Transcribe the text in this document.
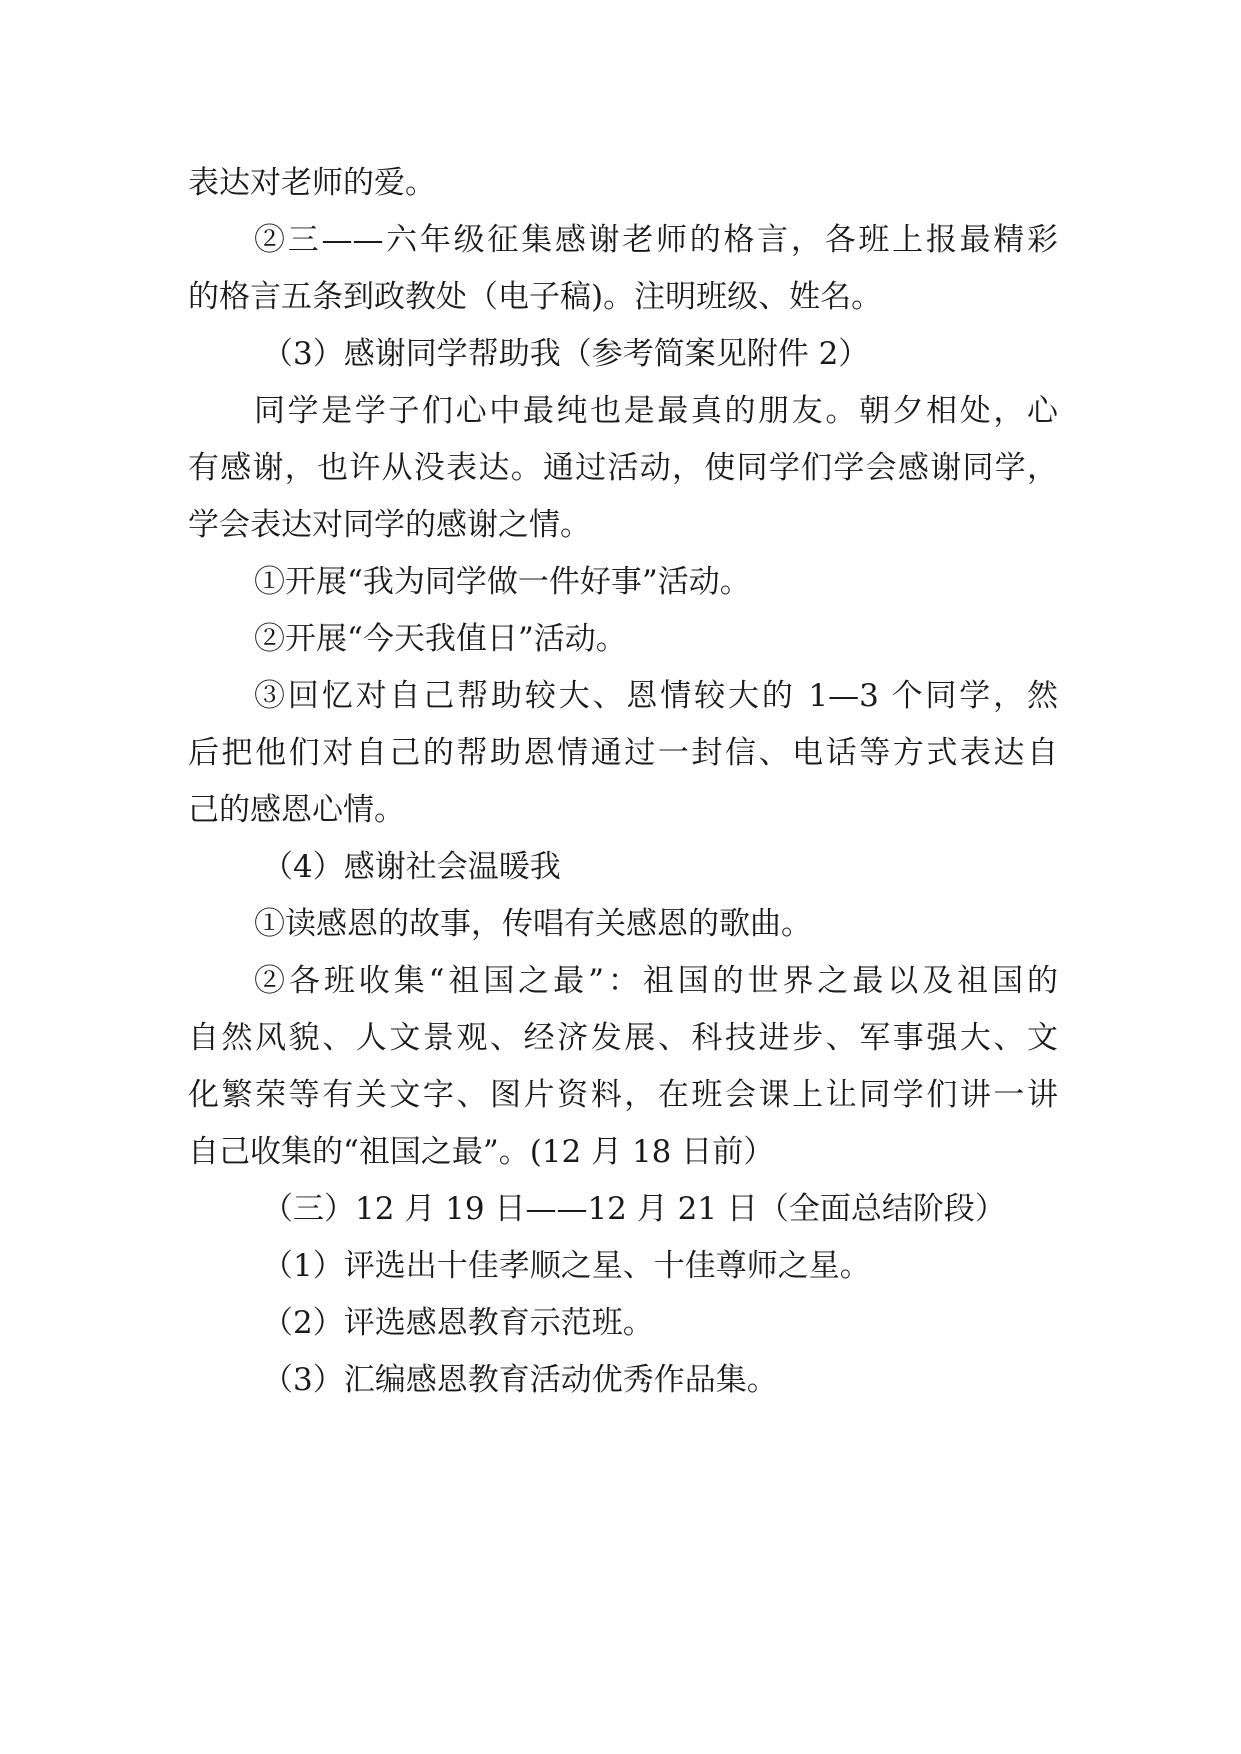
表达对老师的爱。
②三——六年级征集感谢老师的格言，各班上报最精彩
的格言五条到政教处（电子稿)。注明班级、姓名。
（3）感谢同学帮助我（参考简案见附件 2）
同学是学子们心中最纯也是最真的朋友。朝夕相处，心
有感谢，也许从没表达。通过活动，使同学们学会感谢同学，
学会表达对同学的感谢之情。
①开展“我为同学做一件好事”活动。
②开展“今天我值日”活动。
③回忆对自己帮助较大、恩情较大的 1—3 个同学，然
后把他们对自己的帮助恩情通过一封信、电话等方式表达自
己的感恩心情。
（4）感谢社会温暖我
①读感恩的故事，传唱有关感恩的歌曲。
②各班收集“祖国之最”：祖国的世界之最以及祖国的
自然风貌、人文景观、经济发展、科技进步、军事强大、文
化繁荣等有关文字、图片资料，在班会课上让同学们讲一讲
自己收集的“祖国之最”。(12 月 18 日前）
（三）12 月 19 日——12 月 21 日（全面总结阶段）
（1）评选出十佳孝顺之星、十佳尊师之星。
（2）评选感恩教育示范班。
（3）汇编感恩教育活动优秀作品集。
